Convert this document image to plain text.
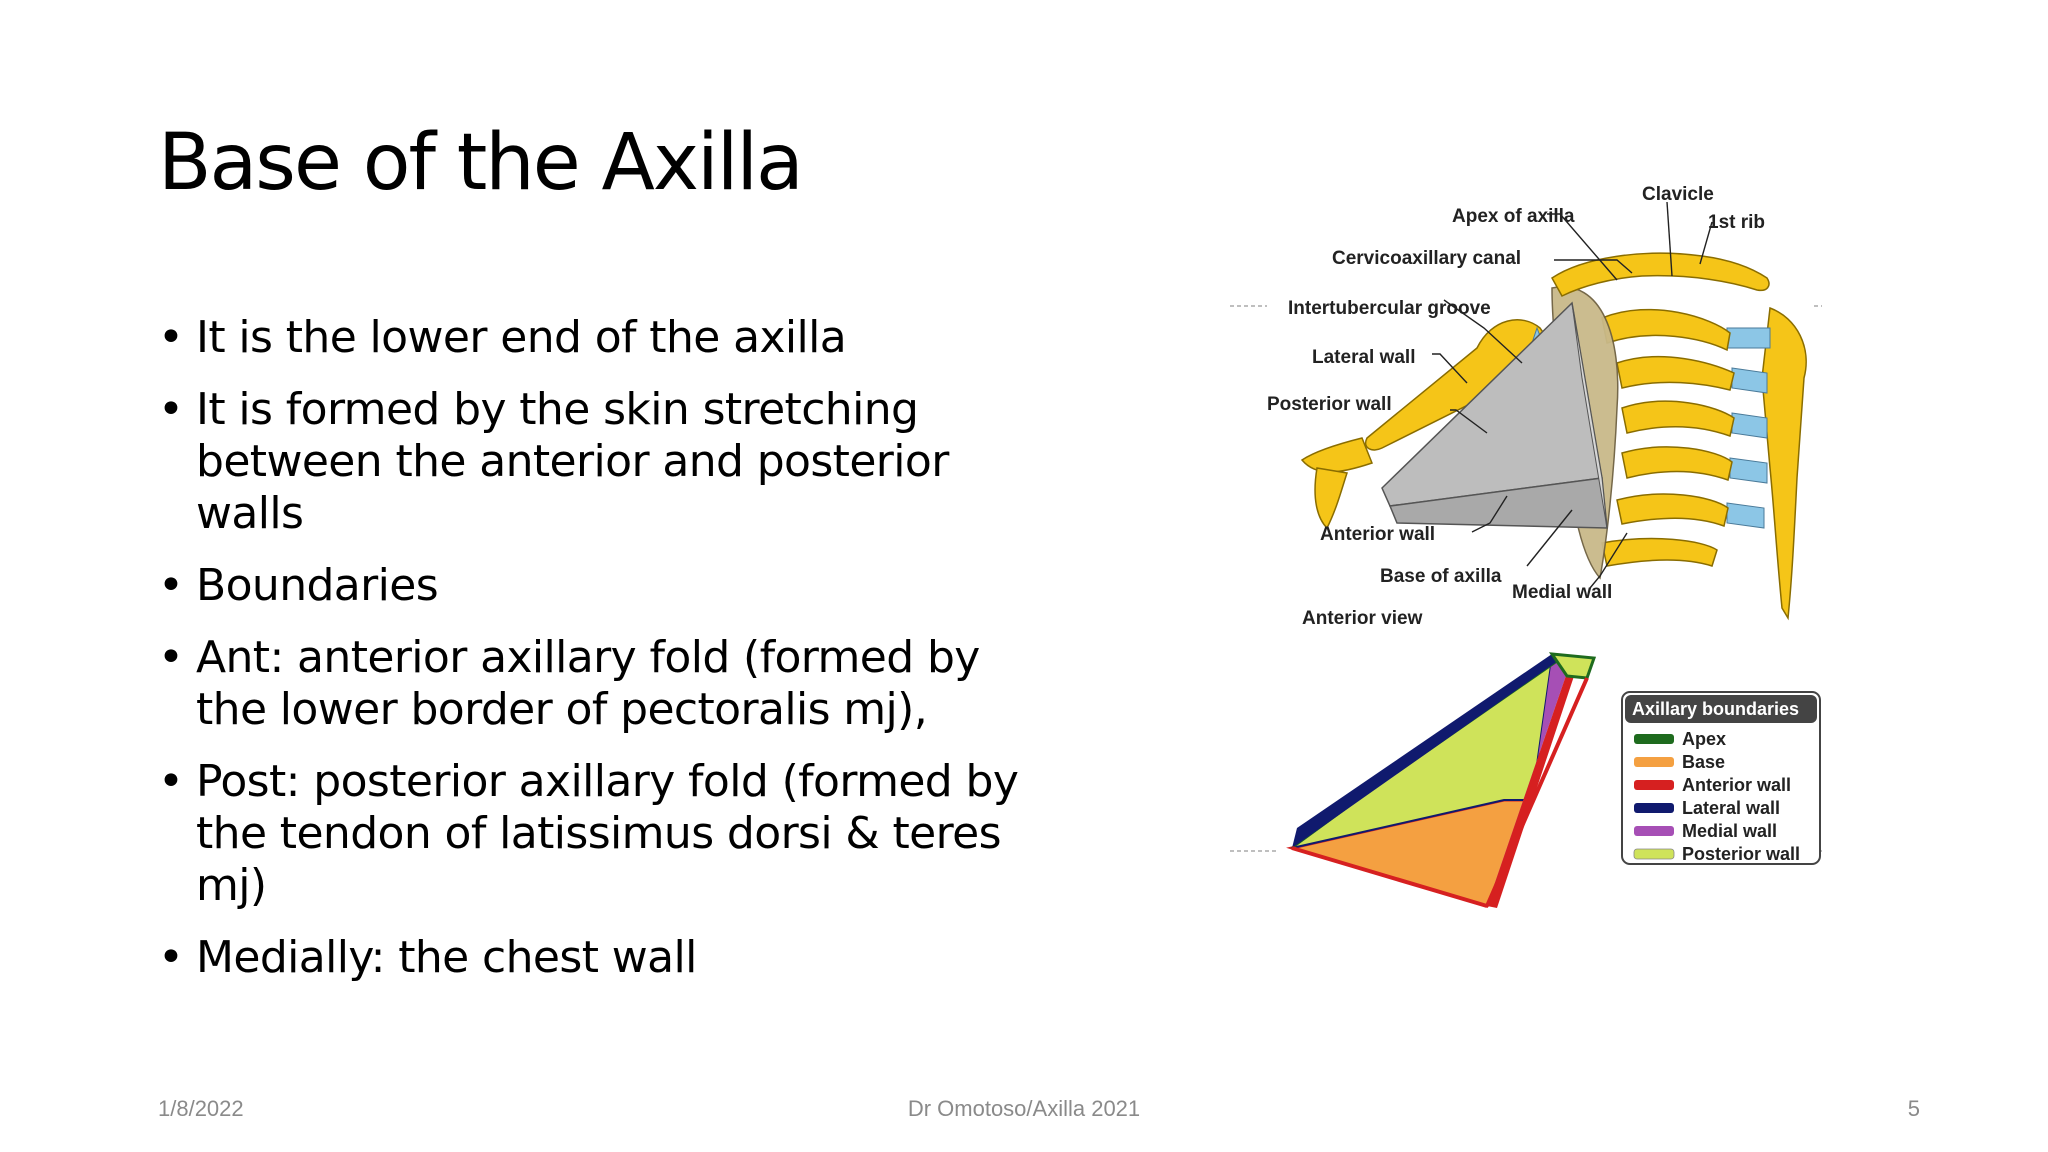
Base of the Axilla
• It is the lower end of the axilla
• It is formed by the skin stretching between the anterior and posterior walls
• Boundaries
• Ant: anterior axillary fold (formed by the lower border of pectoralis mj),
• Post: posterior axillary fold (formed by the tendon of latissimus dorsi & teres mj)
• Medially: the chest wall
Clavicle
Apex of axilla	1st rib
Cervicoaxillary canal
Intertubercular groove
Lateral wall
Posterior wall
Anterior wall
Base of axilla
Medial wall
Anterior view
Axillary boundaries
Apex
Base
Anterior wall
Lateral wall
Medial wall
Posterior wall
1/8/2022	Dr Omotoso/Axilla 2021	5
